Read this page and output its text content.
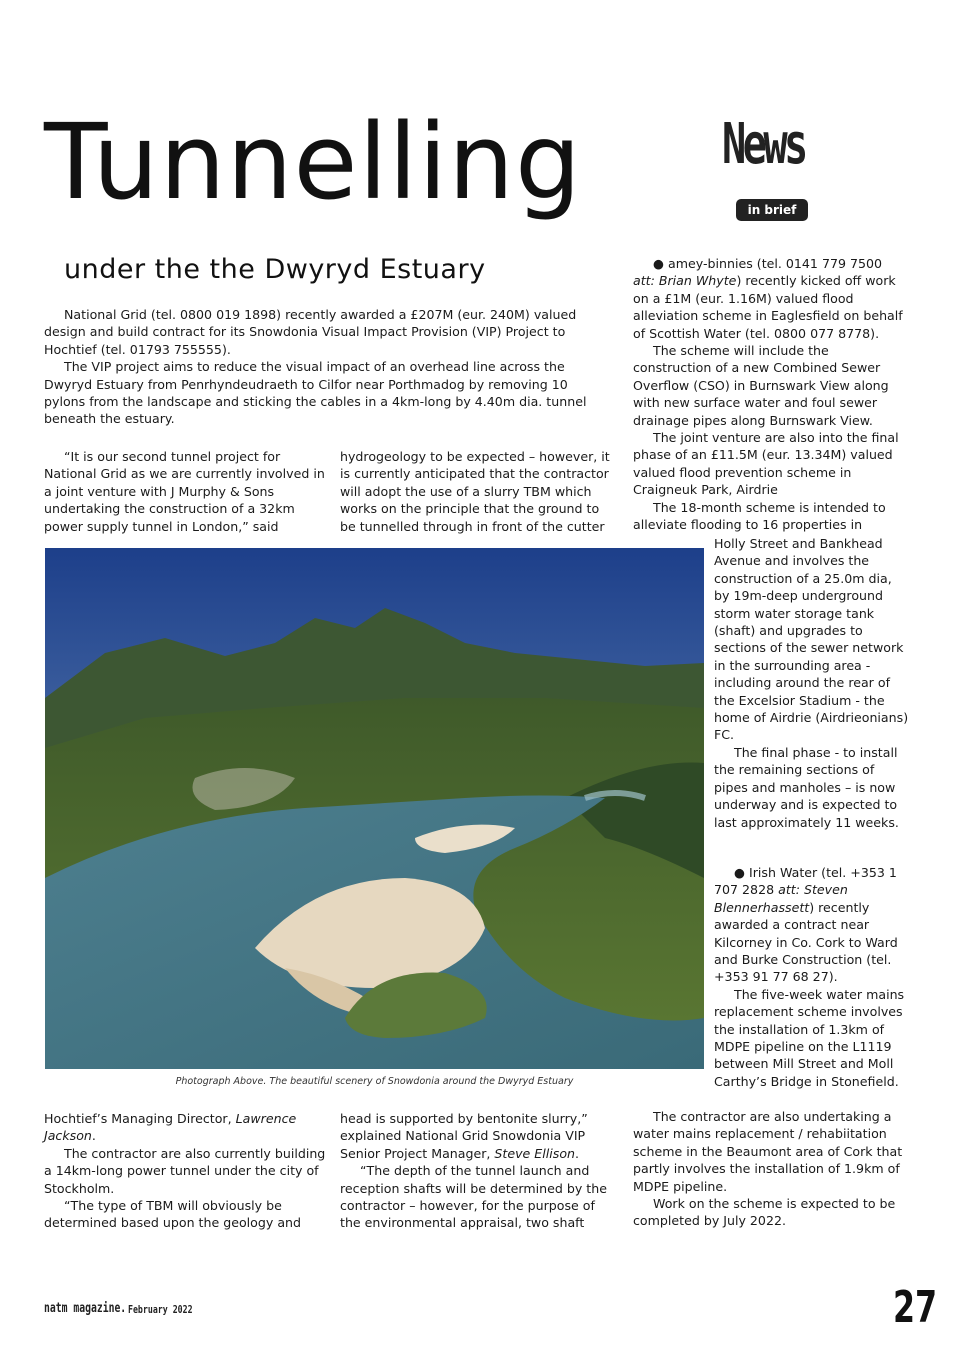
Tunnelling
under the the Dwyryd Estuary
News
in brief

National Grid (tel. 0800 019 1898) recently awarded a £207M (eur. 240M) valued design and build contract for its Snowdonia Visual Impact Provision (VIP) Project to Hochtief (tel. 01793 755555).

The VIP project aims to reduce the visual impact of an overhead line across the Dwyryd Estuary from Penrhyndeudraeth to Cilfor near Porthmadog by removing 10 pylons from the landscape and sticking the cables in a 4km-long by 4.40m dia. tunnel beneath the estuary.

“It is our second tunnel project for National Grid as we are currently involved in a joint venture with J Murphy & Sons undertaking the construction of a 32km power supply tunnel in London,” said

hydrogeology to be expected – however, it is currently anticipated that the contractor will adopt the use of a slurry TBM which works on the principle that the ground to be tunnelled through in front of the cutter

Photograph Above. The beautiful scenery of Snowdonia around the Dwyryd Estuary

Hochtief’s Managing Director, Lawrence Jackson.

The contractor are also currently building a 14km-long power tunnel under the city of Stockholm.

“The type of TBM will obviously be determined based upon the geology and

head is supported by bentonite slurry,” explained National Grid Snowdonia VIP Senior Project Manager, Steve Ellison.

“The depth of the tunnel launch and reception shafts will be determined by the contractor – however, for the purpose of the environmental appraisal, two shaft

● amey-binnies (tel. 0141 779 7500 att: Brian Whyte) recently kicked off work on a £1M (eur. 1.16M) valued flood alleviation scheme in Eaglesfield on behalf of Scottish Water (tel. 0800 077 8778).

The scheme will include the construction of a new Combined Sewer Overflow (CSO) in Burnswark View along with new surface water and foul sewer drainage pipes along Burnswark View.

The joint venture are also into the final phase of an £11.5M (eur. 13.34M) valued valued flood prevention scheme in Craigneuk Park, Airdrie

The 18-month scheme is intended to alleviate flooding to 16 properties in

Holly Street and Bankhead Avenue and involves the construction of a 25.0m dia, by 19m-deep underground storm water storage tank (shaft) and upgrades to sections of the sewer network in the surrounding area - including around the rear of the Excelsior Stadium - the home of Airdrie (Airdrieonians) FC.

The final phase - to install the remaining sections of pipes and manholes – is now underway and is expected to last approximately 11 weeks.

● Irish Water (tel. +353 1 707 2828 att: Steven Blennerhassett) recently awarded a contract near Kilcorney in Co. Cork to Ward and Burke Construction (tel. +353 91 77 68 27).

The five-week water mains replacement scheme involves the installation of 1.3km of MDPE pipeline on the L1119 between Mill Street and Moll Carthy’s Bridge in Stonefield.

The contractor are also undertaking a water mains replacement / rehabiitation scheme in the Beaumont area of Cork that partly involves the installation of 1.9km of MDPE pipeline.

Work on the scheme is expected to be completed by July 2022.

natm magazine. February 2022	27
